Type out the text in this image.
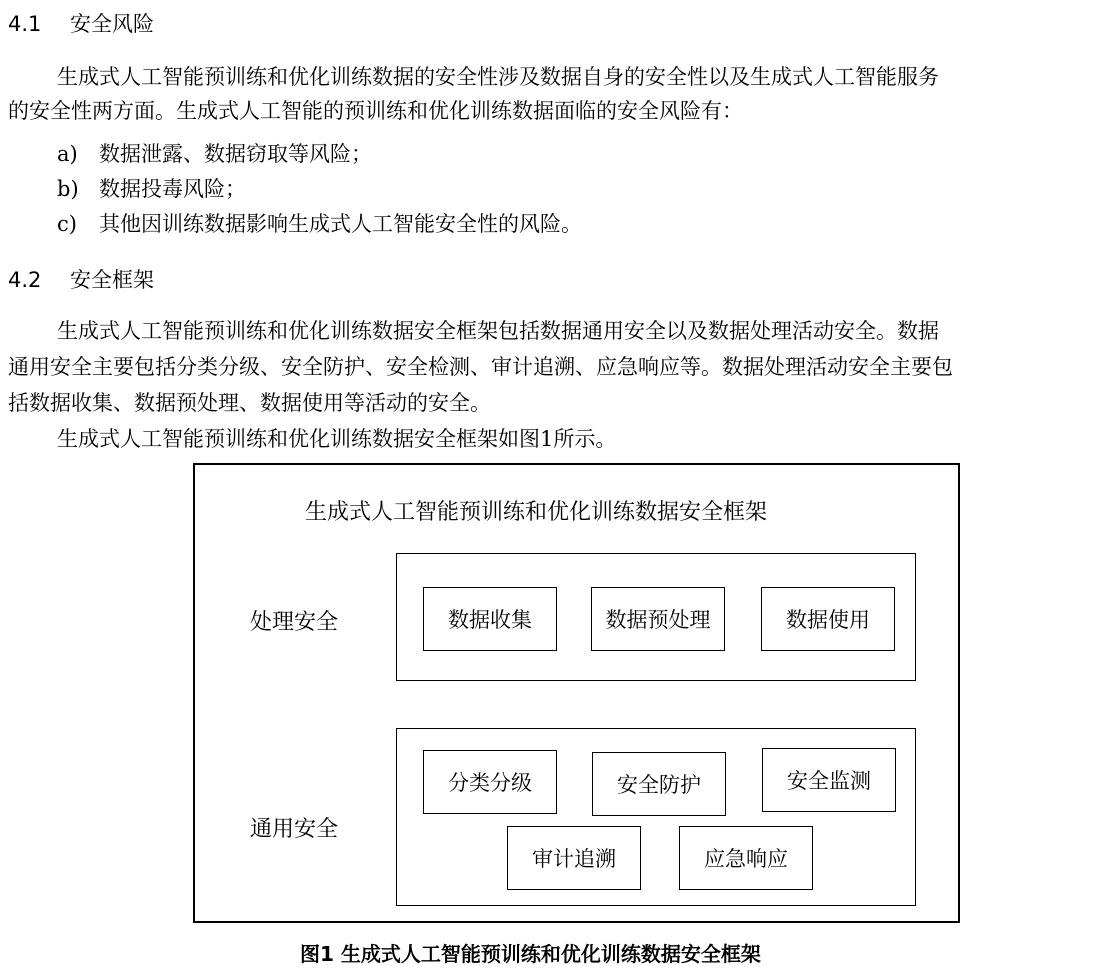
4.1 安全风险
生成式人工智能预训练和优化训练数据的安全性涉及数据自身的安全性以及生成式人工智能服务
的安全性两方面。生成式人工智能的预训练和优化训练数据面临的安全风险有：
a) 数据泄露、数据窃取等风险；
b) 数据投毒风险；
c) 其他因训练数据影响生成式人工智能安全性的风险。
4.2 安全框架
生成式人工智能预训练和优化训练数据安全框架包括数据通用安全以及数据处理活动安全。数据
通用安全主要包括分类分级、安全防护、安全检测、审计追溯、应急响应等。数据处理活动安全主要包
括数据收集、数据预处理、数据使用等活动的安全。
生成式人工智能预训练和优化训练数据安全框架如图1所示。
生成式人工智能预训练和优化训练数据安全框架
处理安全	数据收集	数据预处理	数据使用
通用安全
分类分级	安全防护	安全监测
审计追溯	应急响应
图1 生成式人工智能预训练和优化训练数据安全框架
